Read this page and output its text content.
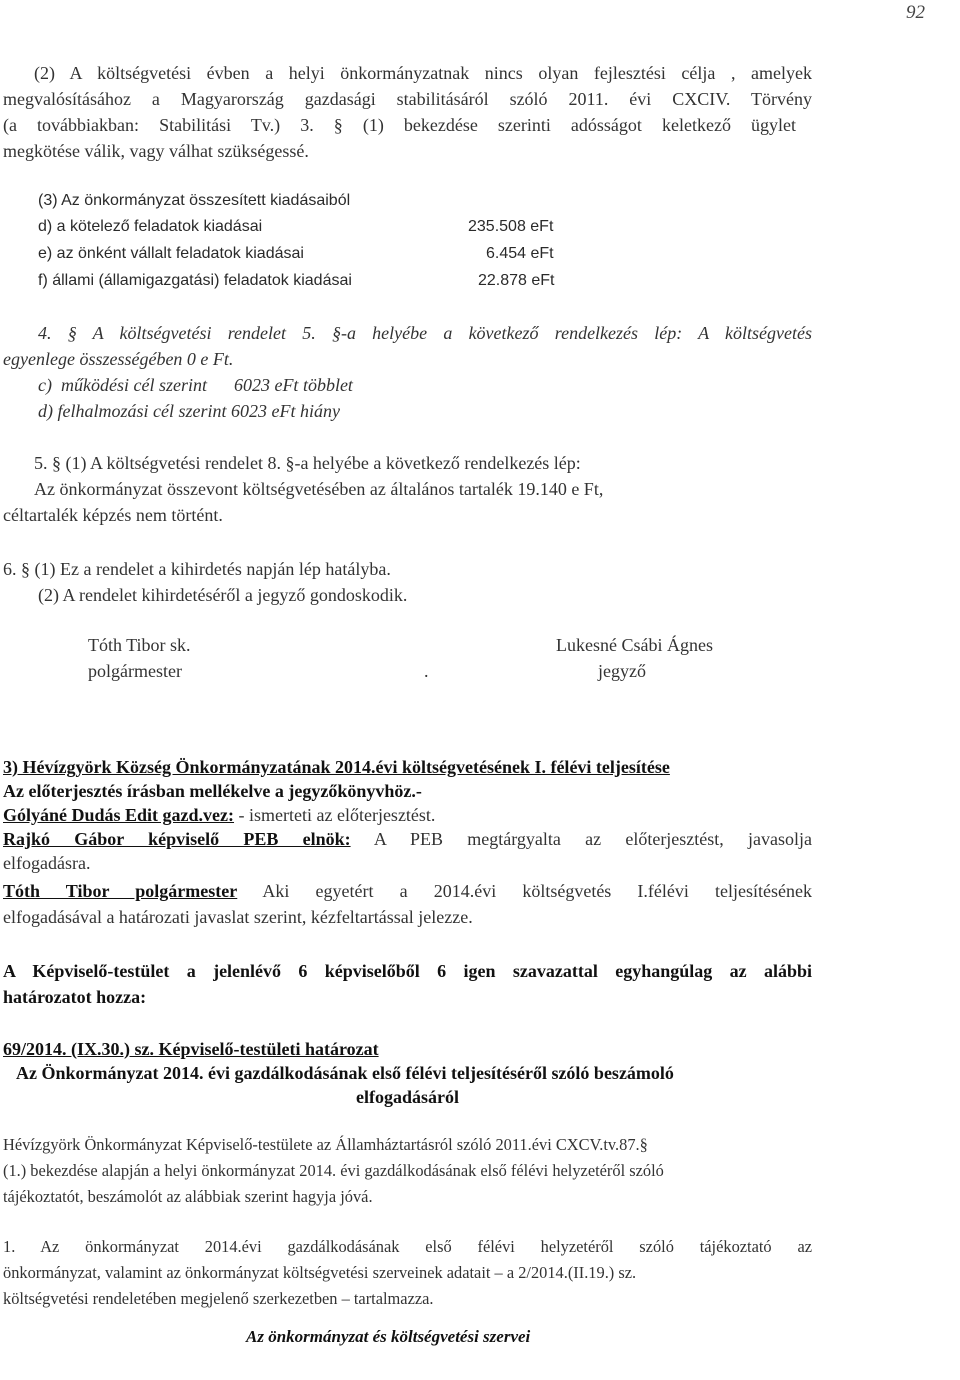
92
(2) A költségvetési évben a helyi önkormányzatnak nincs olyan fejlesztési célja , amelyek
megvalósításához a Magyarország gazdasági stabilitásáról szóló 2011. évi CXCIV. Törvény
(a továbbiakban: Stabilitási Tv.) 3. § (1) bekezdése szerinti adósságot keletkező ügylet
megkötése válik, vagy válhat szükségessé.
(3) Az önkormányzat összesített kiadásaiból
d) a kötelező feladatok kiadásai	235.508 eFt
e) az önként vállalt feladatok kiadásai	6.454 eFt
f) állami (államigazgatási) feladatok kiadásai	22.878 eFt
4. § A költségvetési rendelet 5. §-a helyébe a következő rendelkezés lép: A költségvetés
egyenlege összességében 0 e Ft.
c)  működési cél szerint      6023 eFt többlet
d) felhalmozási cél szerint 6023 eFt hiány
5. § (1) A költségvetési rendelet 8. §-a helyébe a következő rendelkezés lép:
Az önkormányzat összevont költségvetésében az általános tartalék 19.140 e Ft,
céltartalék képzés nem történt.
6. § (1) Ez a rendelet a kihirdetés napján lép hatályba.
(2) A rendelet kihirdetéséről a jegyző gondoskodik.
Tóth Tibor sk.
polgármester	.
Lukesné Csábi Ágnes
jegyző
3) Hévízgyörk Község Önkormányzatának 2014.évi költségvetésének I. félévi teljesítése
Az előterjesztés írásban mellékelve a jegyzőkönyvhöz.-
Gólyáné Dudás Edit gazd.vez: - ismerteti az előterjesztést.
Rajkó Gábor képviselő PEB elnök: A PEB megtárgyalta az előterjesztést, javasolja
elfogadásra.
Tóth Tibor polgármester Aki egyetért a 2014.évi költségvetés I.félévi teljesítésének
elfogadásával a határozati javaslat szerint, kézfeltartással jelezze.
A Képviselő-testület a jelenlévő 6 képviselőből 6 igen szavazattal egyhangúlag az alábbi
határozatot hozza:
69/2014. (IX.30.) sz. Képviselő-testületi határozat
Az Önkormányzat 2014. évi gazdálkodásának első félévi teljesítéséről szóló beszámoló
elfogadásáról
Hévízgyörk Önkormányzat Képviselő-testülete az Államháztartásról szóló 2011.évi CXCV.tv.87.§
(1.) bekezdése alapján a helyi önkormányzat 2014. évi gazdálkodásának első félévi helyzetéről szóló
tájékoztatót, beszámolót az alábbiak szerint hagyja jóvá.
1. Az önkormányzat 2014.évi gazdálkodásának első félévi helyzetéről szóló tájékoztató az
önkormányzat, valamint az önkormányzat költségvetési szerveinek adatait – a 2/2014.(II.19.) sz.
költségvetési rendeletében megjelenő szerkezetben – tartalmazza.
Az önkormányzat és költségvetési szervei
